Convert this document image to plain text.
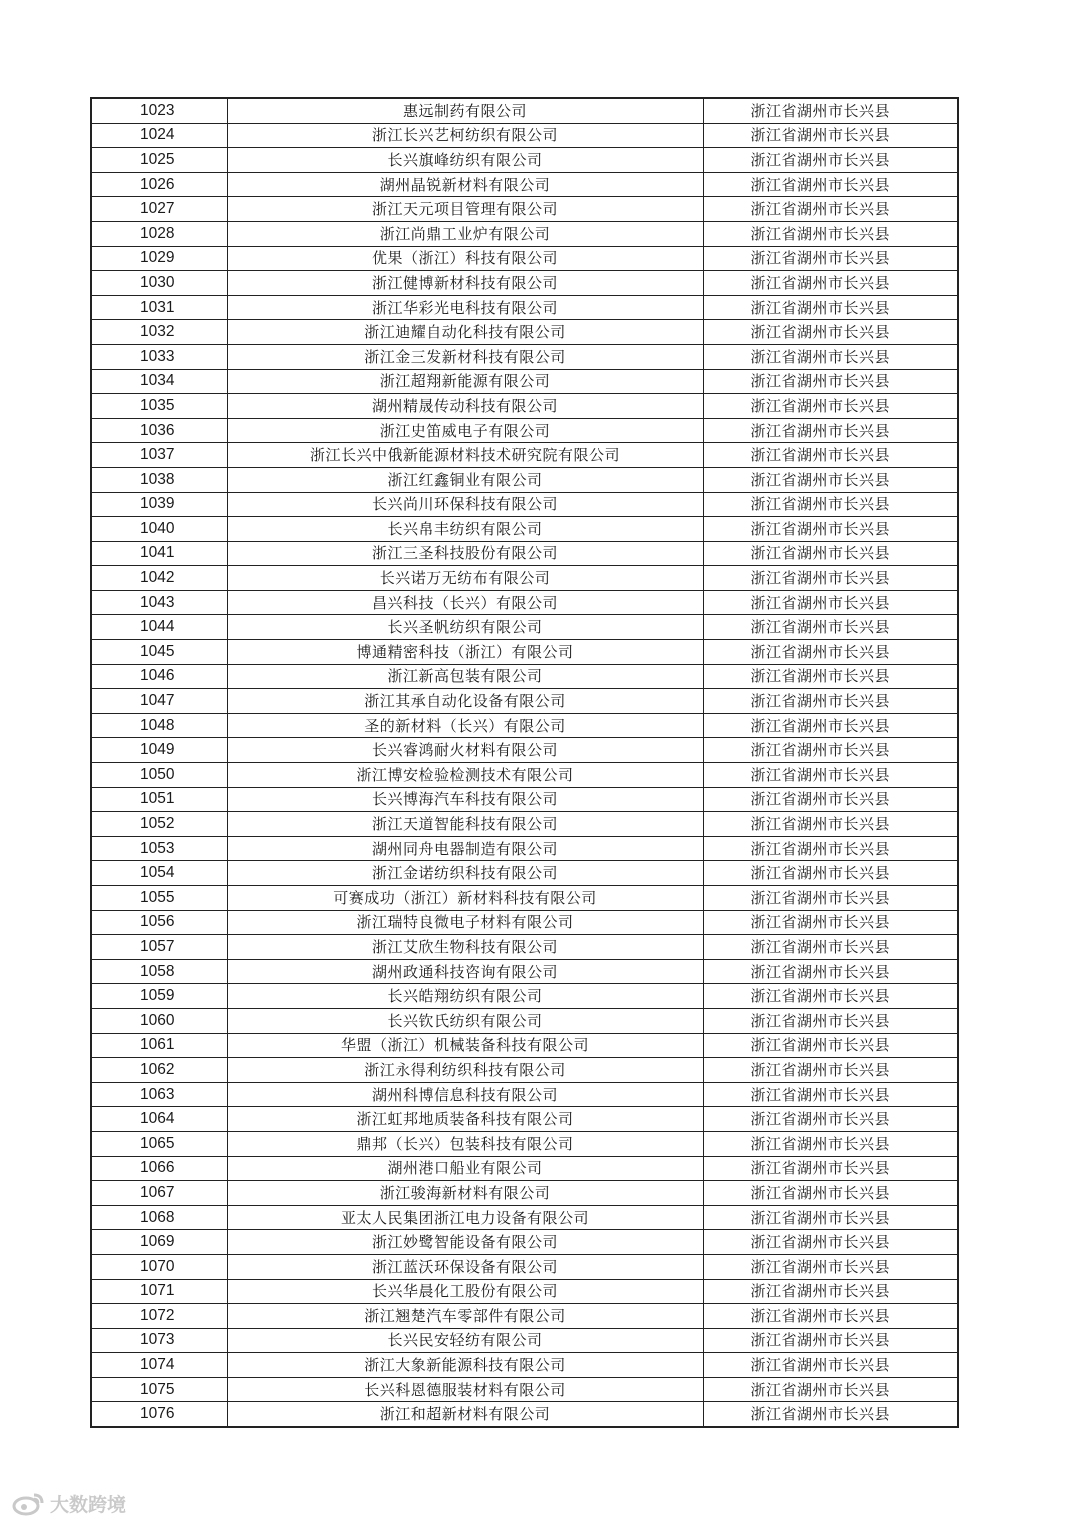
1023	惠远制药有限公司	浙江省湖州市长兴县
1024	浙江长兴艺柯纺织有限公司	浙江省湖州市长兴县
1025	长兴旗峰纺织有限公司	浙江省湖州市长兴县
1026	湖州晶锐新材料有限公司	浙江省湖州市长兴县
1027	浙江天元项目管理有限公司	浙江省湖州市长兴县
1028	浙江尚鼎工业炉有限公司	浙江省湖州市长兴县
1029	优果（浙江）科技有限公司	浙江省湖州市长兴县
1030	浙江健博新材科技有限公司	浙江省湖州市长兴县
1031	浙江华彩光电科技有限公司	浙江省湖州市长兴县
1032	浙江迪耀自动化科技有限公司	浙江省湖州市长兴县
1033	浙江金三发新材科技有限公司	浙江省湖州市长兴县
1034	浙江超翔新能源有限公司	浙江省湖州市长兴县
1035	湖州精晟传动科技有限公司	浙江省湖州市长兴县
1036	浙江史笛威电子有限公司	浙江省湖州市长兴县
1037	浙江长兴中俄新能源材料技术研究院有限公司	浙江省湖州市长兴县
1038	浙江红鑫铜业有限公司	浙江省湖州市长兴县
1039	长兴尚川环保科技有限公司	浙江省湖州市长兴县
1040	长兴帛丰纺织有限公司	浙江省湖州市长兴县
1041	浙江三圣科技股份有限公司	浙江省湖州市长兴县
1042	长兴诺万无纺布有限公司	浙江省湖州市长兴县
1043	昌兴科技（长兴）有限公司	浙江省湖州市长兴县
1044	长兴圣帆纺织有限公司	浙江省湖州市长兴县
1045	博通精密科技（浙江）有限公司	浙江省湖州市长兴县
1046	浙江新高包装有限公司	浙江省湖州市长兴县
1047	浙江其承自动化设备有限公司	浙江省湖州市长兴县
1048	圣的新材料（长兴）有限公司	浙江省湖州市长兴县
1049	长兴睿鸿耐火材料有限公司	浙江省湖州市长兴县
1050	浙江博安检验检测技术有限公司	浙江省湖州市长兴县
1051	长兴博海汽车科技有限公司	浙江省湖州市长兴县
1052	浙江天道智能科技有限公司	浙江省湖州市长兴县
1053	湖州同舟电器制造有限公司	浙江省湖州市长兴县
1054	浙江金诺纺织科技有限公司	浙江省湖州市长兴县
1055	可赛成功（浙江）新材料科技有限公司	浙江省湖州市长兴县
1056	浙江瑞特良微电子材料有限公司	浙江省湖州市长兴县
1057	浙江艾欣生物科技有限公司	浙江省湖州市长兴县
1058	湖州政通科技咨询有限公司	浙江省湖州市长兴县
1059	长兴皓翔纺织有限公司	浙江省湖州市长兴县
1060	长兴钦氏纺织有限公司	浙江省湖州市长兴县
1061	华盟（浙江）机械装备科技有限公司	浙江省湖州市长兴县
1062	浙江永得利纺织科技有限公司	浙江省湖州市长兴县
1063	湖州科博信息科技有限公司	浙江省湖州市长兴县
1064	浙江虹邦地质装备科技有限公司	浙江省湖州市长兴县
1065	鼎邦（长兴）包装科技有限公司	浙江省湖州市长兴县
1066	湖州港口船业有限公司	浙江省湖州市长兴县
1067	浙江骏海新材料有限公司	浙江省湖州市长兴县
1068	亚太人民集团浙江电力设备有限公司	浙江省湖州市长兴县
1069	浙江妙鹭智能设备有限公司	浙江省湖州市长兴县
1070	浙江蓝沃环保设备有限公司	浙江省湖州市长兴县
1071	长兴华晨化工股份有限公司	浙江省湖州市长兴县
1072	浙江翘楚汽车零部件有限公司	浙江省湖州市长兴县
1073	长兴民安轻纺有限公司	浙江省湖州市长兴县
1074	浙江大象新能源科技有限公司	浙江省湖州市长兴县
1075	长兴科恩德服装材料有限公司	浙江省湖州市长兴县
1076	浙江和超新材料有限公司	浙江省湖州市长兴县
大数跨境
